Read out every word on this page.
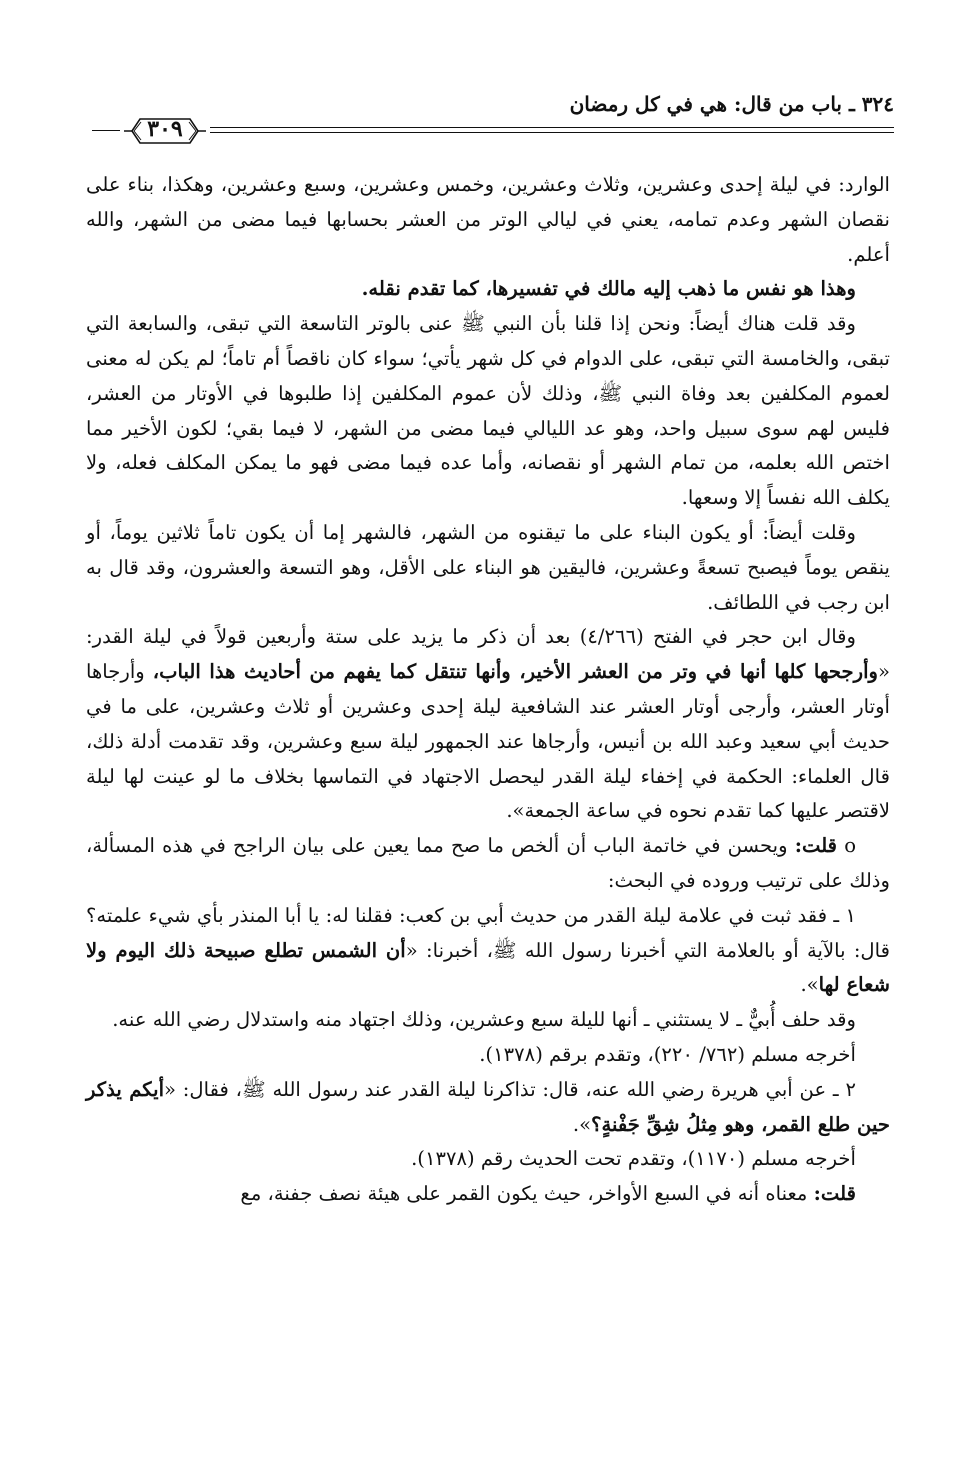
٣٢٤ ـ باب من قال: هي في كل رمضان
٣٠٩

الوارد: في ليلة إحدى وعشرين، وثلاث وعشرين، وخمس وعشرين، وسبع وعشرين، وهكذا، بناء على نقصان الشهر وعدم تمامه، يعني في ليالي الوتر من العشر بحسابها فيما مضى من الشهر، والله أعلم.

وهذا هو نفس ما ذهب إليه مالك في تفسيرها، كما تقدم نقله.

وقد قلت هناك أيضاً: ونحن إذا قلنا بأن النبي ﷺ عنى بالوتر التاسعة التي تبقى، والسابعة التي تبقى، والخامسة التي تبقى، على الدوام في كل شهر يأتي؛ سواء كان ناقصاً أم تاماً؛ لم يكن له معنى لعموم المكلفين بعد وفاة النبي ﷺ، وذلك لأن عموم المكلفين إذا طلبوها في الأوتار من العشر، فليس لهم سوى سبيل واحد، وهو عد الليالي فيما مضى من الشهر، لا فيما بقي؛ لكون الأخير مما اختص الله بعلمه، من تمام الشهر أو نقصانه، وأما عده فيما مضى فهو ما يمكن المكلف فعله، ولا يكلف الله نفساً إلا وسعها.

وقلت أيضاً: أو يكون البناء على ما تيقنوه من الشهر، فالشهر إما أن يكون تاماً ثلاثين يوماً، أو ينقص يوماً فيصبح تسعةً وعشرين، فاليقين هو البناء على الأقل، وهو التسعة والعشرون، وقد قال به ابن رجب في اللطائف.

وقال ابن حجر في الفتح (٤/٢٦٦) بعد أن ذكر ما يزيد على ستة وأربعين قولاً في ليلة القدر: «وأرجحها كلها أنها في وتر من العشر الأخير، وأنها تنتقل كما يفهم من أحاديث هذا الباب، وأرجاها أوتار العشر، وأرجى أوتار العشر عند الشافعية ليلة إحدى وعشرين أو ثلاث وعشرين، على ما في حديث أبي سعيد وعبد الله بن أنيس، وأرجاها عند الجمهور ليلة سبع وعشرين، وقد تقدمت أدلة ذلك، قال العلماء: الحكمة في إخفاء ليلة القدر ليحصل الاجتهاد في التماسها بخلاف ما لو عينت لها ليلة لاقتصر عليها كما تقدم نحوه في ساعة الجمعة».

o قلت: ويحسن في خاتمة الباب أن ألخص ما صح مما يعين على بيان الراجح في هذه المسألة، وذلك على ترتيب وروده في البحث:

١ ـ فقد ثبت في علامة ليلة القدر من حديث أبي بن كعب: فقلنا له: يا أبا المنذر بأي شيء علمته؟ قال: بالآية أو بالعلامة التي أخبرنا رسول الله ﷺ، أخبرنا: «أن الشمس تطلع صبيحة ذلك اليوم ولا شعاع لها».

وقد حلف أُبيٌّ ـ لا يستثني ـ أنها لليلة سبع وعشرين، وذلك اجتهاد منه واستدلال رضي الله عنه.

أخرجه مسلم (٧٦٢/ ٢٢٠)، وتقدم برقم (١٣٧٨).

٢ ـ عن أبي هريرة رضي الله عنه، قال: تذاكرنا ليلة القدر عند رسول الله ﷺ، فقال: «أيكم يذكر حين طلع القمر، وهو مِثلُ شِقِّ جَفْنةٍ؟».

أخرجه مسلم (١١٧٠)، وتقدم تحت الحديث رقم (١٣٧٨).

قلت: معناه أنه في السبع الأواخر، حيث يكون القمر على هيئة نصف جفنة، مع
